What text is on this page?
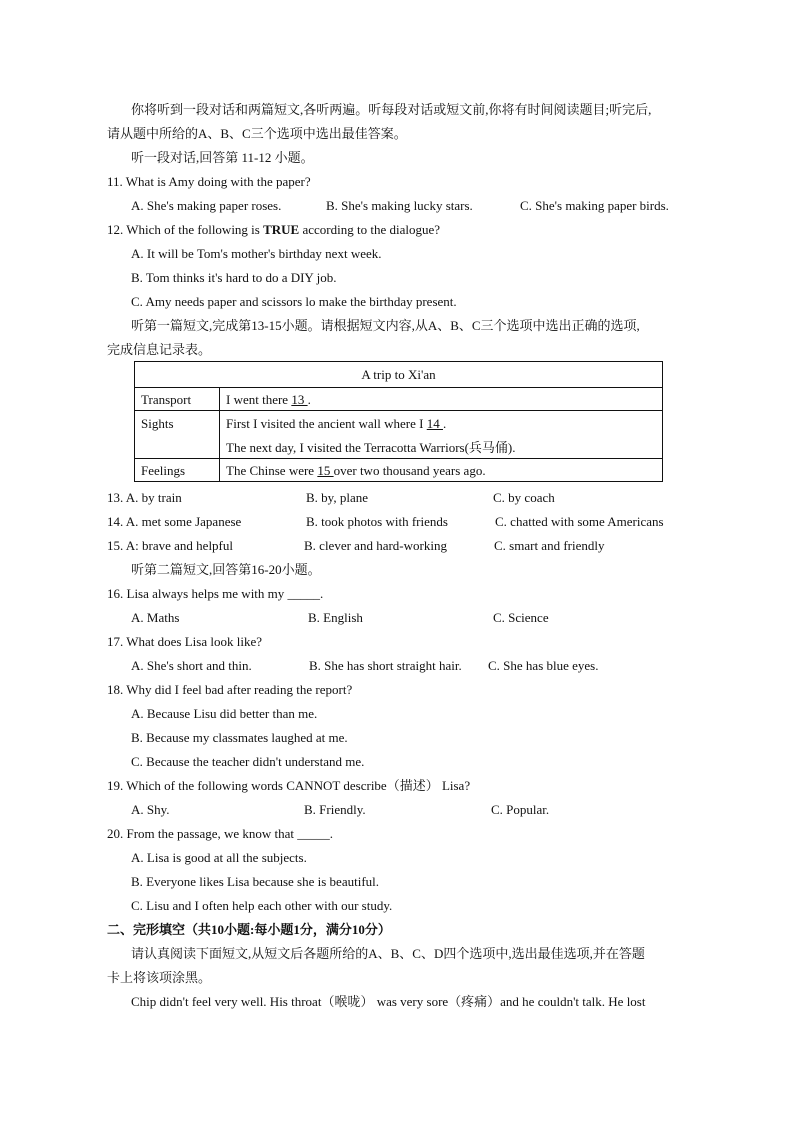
你将听到一段对话和两篇短文,各听两遍。听每段对话或短文前,你将有时间阅读题目;听完后,
请从题中所给的A、B、C三个选项中选出最佳答案。
听一段对话,回答第 11-12 小题。
11. What is Amy doing with the paper?
A. She's making paper roses.	B. She's making lucky stars.	C. She's making paper birds.
12. Which of the following is TRUE according to the dialogue?
A. It will be Tom's mother's birthday next week.
B. Tom thinks it's hard to do a DIY job.
C. Amy needs paper and scissors lo make the birthday present.
听第一篇短文,完成第13-15小题。请根据短文内容,从A、B、C三个选项中选出正确的选项,
完成信息记录表。
A trip to Xi'an
Transport	I went there 13 .
Sights	First I visited the ancient wall where I 14 .
The next day, I visited the Terracotta Warriors(兵马俑).
Feelings	The Chinse were 15 over two thousand years ago.
13. A. by train	B. by, plane	C. by coach
14. A. met some Japanese	B. took photos with friends	C. chatted with some Americans
15. A: brave and helpful	B. clever and hard-working	C. smart and friendly
听第二篇短文,回答第16-20小题。
16. Lisa always helps me with my _____.
A. Maths	B. English	C. Science
17. What does Lisa look like?
A. She's short and thin.	B. She has short straight hair. C. She has blue eyes.
18. Why did I feel bad after reading the report?
A. Because Lisu did better than me.
B. Because my classmates laughed at me.
C. Because the teacher didn't understand me.
19. Which of the following words CANNOT describe（描述） Lisa?
A. Shy.	B. Friendly.	C. Popular.
20. From the passage, we know that _____.
A. Lisa is good at all the subjects.
B. Everyone likes Lisa because she is beautiful.
C. Lisu and I often help each other with our study.
二、完形填空（共10小题:每小题1分，满分10分）
请认真阅读下面短文,从短文后各题所给的A、B、C、D四个选项中,选出最佳选项,并在答题
卡上将该项涂黑。
Chip didn't feel very well. His throat（喉咙） was very sore（疼痛）and he couldn't talk. He lost
